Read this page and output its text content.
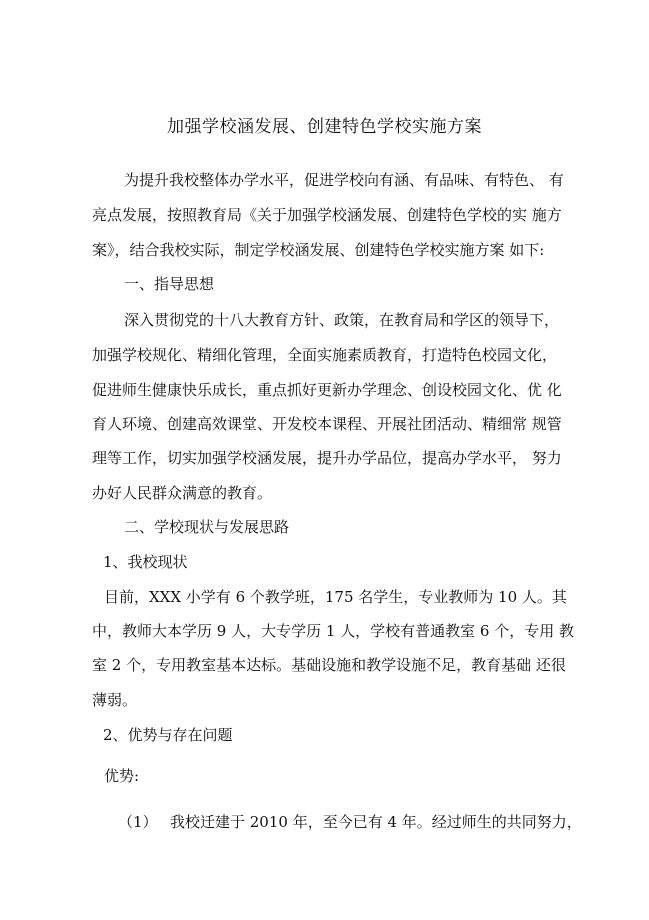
加强学校涵发展、创建特色学校实施方案
为提升我校整体办学水平，促进学校向有涵、有品味、有特色、 有
亮点发展，按照教育局《关于加强学校涵发展、创建特色学校的实 施方
案》，结合我校实际，制定学校涵发展、创建特色学校实施方案 如下:
一、指导思想
深入贯彻党的十八大教育方针、政策，在教育局和学区的领导下，
加强学校规化、精细化管理，全面实施素质教育，打造特色校园文化，
促进师生健康快乐成长，重点抓好更新办学理念、创设校园文化、优 化
育人环境、创建高效课堂、开发校本课程、开展社团活动、精细常 规管
理等工作，切实加强学校涵发展，提升办学品位，提高办学水平， 努力
办好人民群众满意的教育。
二、学校现状与发展思路
1、我校现状
目前，XXX 小学有 6 个教学班，175 名学生，专业教师为 10 人。其
中，教师大本学历 9 人，大专学历 1 人，学校有普通教室 6 个，专用 教
室 2 个，专用教室基本达标。基础设施和教学设施不足，教育基础 还很
薄弱。
2、优势与存在问题
优势:
（1） 我校迁建于 2010 年，至今已有 4 年。经过师生的共同努力，
